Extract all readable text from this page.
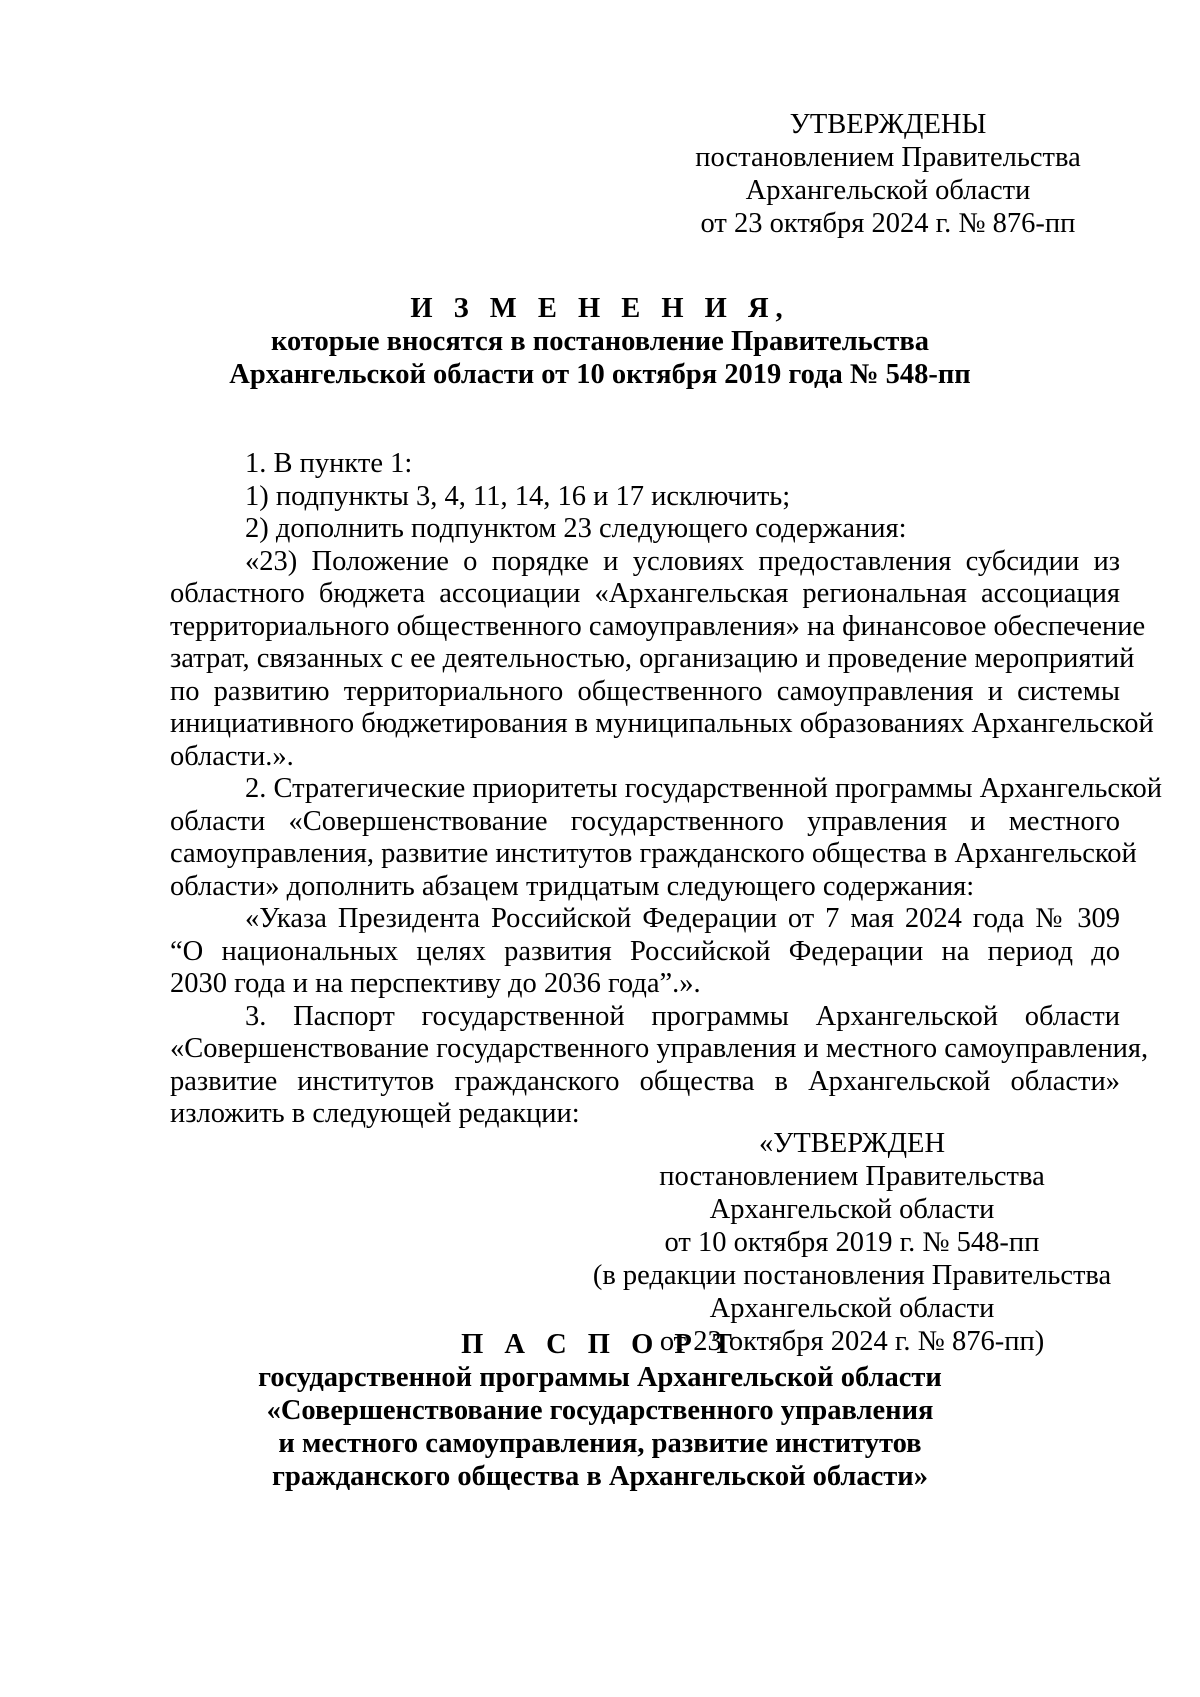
УТВЕРЖДЕНЫ
постановлением Правительства
Архангельской области
от 23 октября 2024 г. № 876-пп
И З М Е Н Е Н И Я,
которые вносятся в постановление Правительства
Архангельской области от 10 октября 2019 года № 548-пп

1. В пункте 1:

1) подпункты 3, 4, 11, 14, 16 и 17 исключить;

2) дополнить подпунктом 23 следующего содержания:

«23) Положение о порядке и условиях предоставления субсидии из
областного бюджета ассоциации «Архангельская региональная ассоциация
территориального общественного самоуправления» на финансовое обеспечение
затрат, связанных с ее деятельностью, организацию и проведение мероприятий
по развитию территориального общественного самоуправления и системы
инициативного бюджетирования в муниципальных образованиях Архангельской
области.».

2. Стратегические приоритеты государственной программы Архангельской
области «Совершенствование государственного управления и местного
самоуправления, развитие институтов гражданского общества в Архангельской
области» дополнить абзацем тридцатым следующего содержания:

«Указа Президента Российской Федерации от 7 мая 2024 года № 309
“О национальных целях развития Российской Федерации на период до
2030 года и на перспективу до 2036 года”.».

3. Паспорт государственной программы Архангельской области
«Совершенствование государственного управления и местного самоуправления,
развитие институтов гражданского общества в Архангельской области»
изложить в следующей редакции:

«УТВЕРЖДЕН
постановлением Правительства
Архангельской области
от 10 октября 2019 г. № 548-пп
(в редакции постановления Правительства
Архангельской области
от 23 октября 2024 г. № 876-пп)
П А С П О Р Т
государственной программы Архангельской области
«Совершенствование государственного управления
и местного самоуправления, развитие институтов
гражданского общества в Архангельской области»
